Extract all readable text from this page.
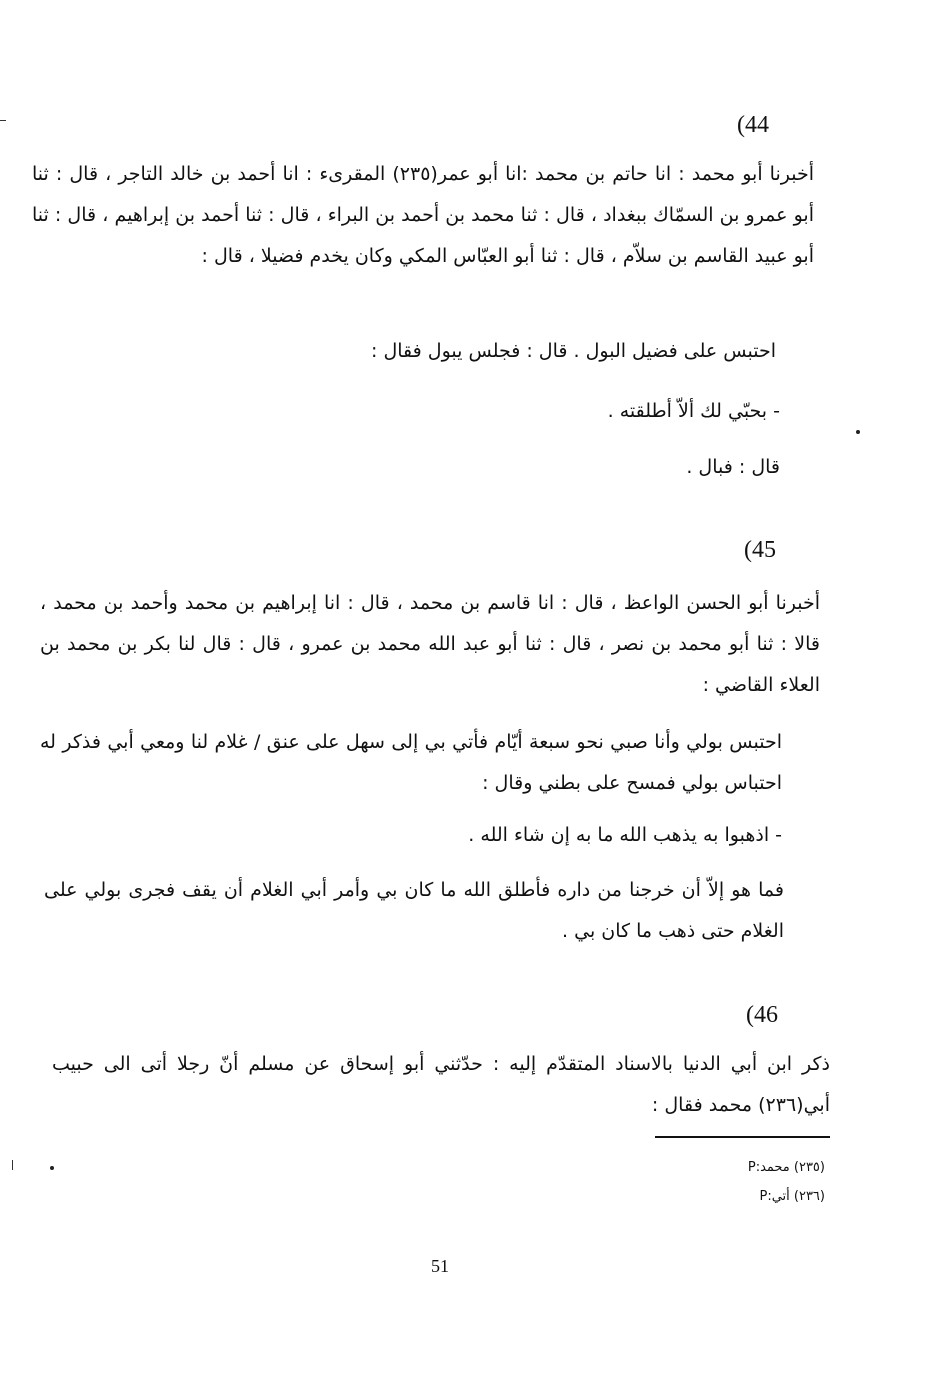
(44

أخبرنا أبو محمد : انا حاتم بن محمد :انا أبو عمر(٢٣٥) المقرىء : انا أحمد بن خالد التاجر ، قال : ثنا أبو عمرو بن السمّاك ببغداد ، قال : ثنا محمد بن أحمد بن البراء ، قال : ثنا أحمد بن إبراهيم ، قال : ثنا أبو عبيد القاسم بن سلاّم ، قال : ثنا أبو العبّاس المكي وكان يخدم فضيلا ، قال :

احتبس على فضيل البول . قال : فجلس يبول فقال :
- بحبّي لك ألاّ أطلقته .
قال : فبال .
(45

أخبرنا أبو الحسن الواعظ ، قال : انا قاسم بن محمد ، قال : انا إبراهيم بن محمد وأحمد بن محمد ، قالا : ثنا أبو محمد بن نصر ، قال : ثنا أبو عبد الله محمد بن عمرو ، قال : قال لنا بكر بن محمد بن العلاء القاضي :

احتبس بولي وأنا صبي نحو سبعة أيّام فأتي بي إلى سهل على عنق / غلام لنا ومعي أبي فذكر له احتباس بولي فمسح على بطني وقال :

- اذهبوا به يذهب الله ما به إن شاء الله .

فما هو إلاّ أن خرجنا من داره فأطلق الله ما كان بي وأمر أبي الغلام أن يقف فجرى بولي على الغلام حتى ذهب ما كان بي .

(46

ذكر ابن أبي الدنيا بالاسناد المتقدّم إليه : حدّثني أبو إسحاق عن مسلم أنّ رجلا أتى الى حبيب أبي(٢٣٦) محمد فقال :

(٢٣٥) محمد:P
(٢٣٦) أتي:P
51
